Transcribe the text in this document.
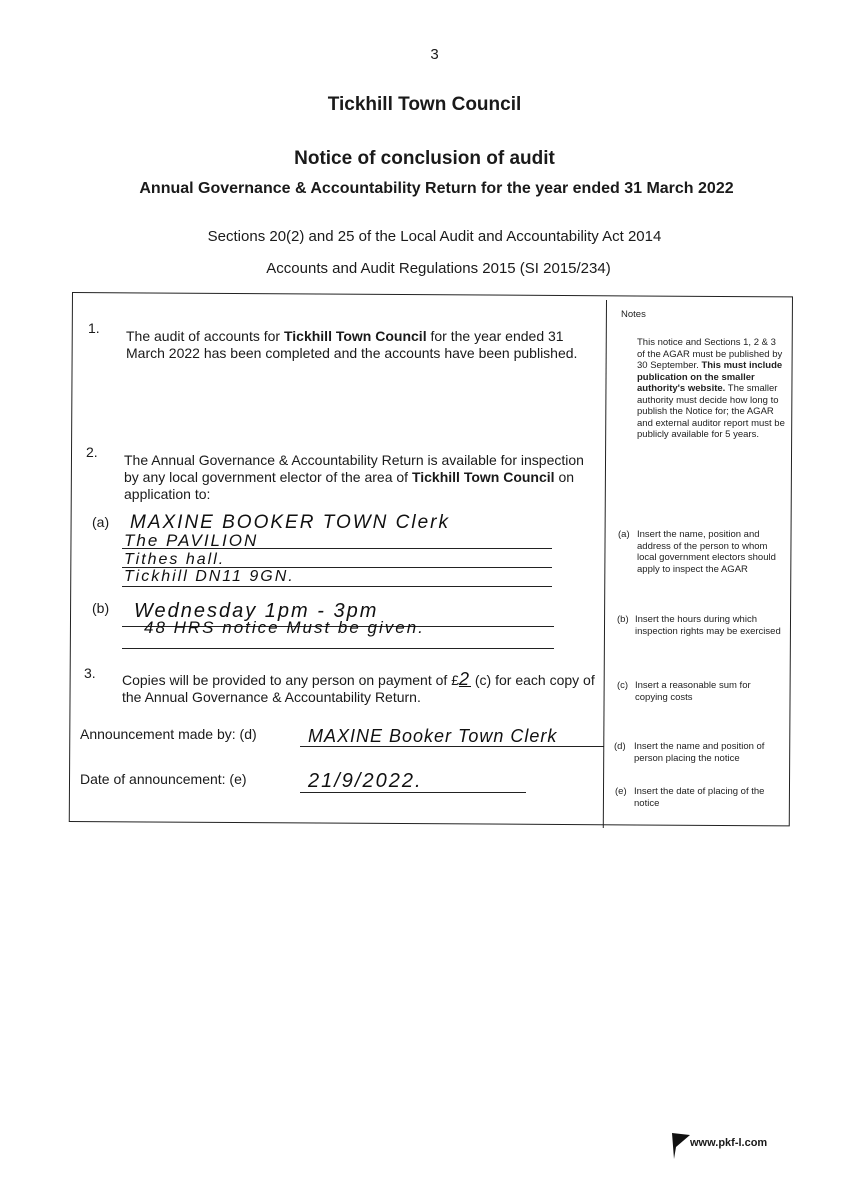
3
Tickhill Town Council
Notice of conclusion of audit
Annual Governance & Accountability Return for the year ended 31 March 2022
Sections 20(2) and 25 of the Local Audit and Accountability Act 2014
Accounts and Audit Regulations 2015 (SI 2015/234)
1. The audit of accounts for Tickhill Town Council for the year ended 31 March 2022 has been completed and the accounts have been published.
2. The Annual Governance & Accountability Return is available for inspection by any local government elector of the area of Tickhill Town Council on application to:
(a) MAXINE BOOKER TOWN Clerk
The PAVILION
Tithes hall.
Tickhill DN11 9GN.
(b) Wednesday 1pm - 3pm
48 HRS notice Must be given.
3. Copies will be provided to any person on payment of £2 (c) for each copy of the Annual Governance & Accountability Return.
Announcement made by: (d)	MAXINE Booker Town Clerk
Date of announcement: (e)	21/9/2022.
Notes
This notice and Sections 1, 2 & 3 of the AGAR must be published by 30 September. This must include publication on the smaller authority's website. The smaller authority must decide how long to publish the Notice for; the AGAR and external auditor report must be publicly available for 5 years.
(a) Insert the name, position and address of the person to whom local government electors should apply to inspect the AGAR
(b) Insert the hours during which inspection rights may be exercised
(c) Insert a reasonable sum for copying costs
(d) Insert the name and position of person placing the notice
(e) Insert the date of placing of the notice
www.pkf-l.com
